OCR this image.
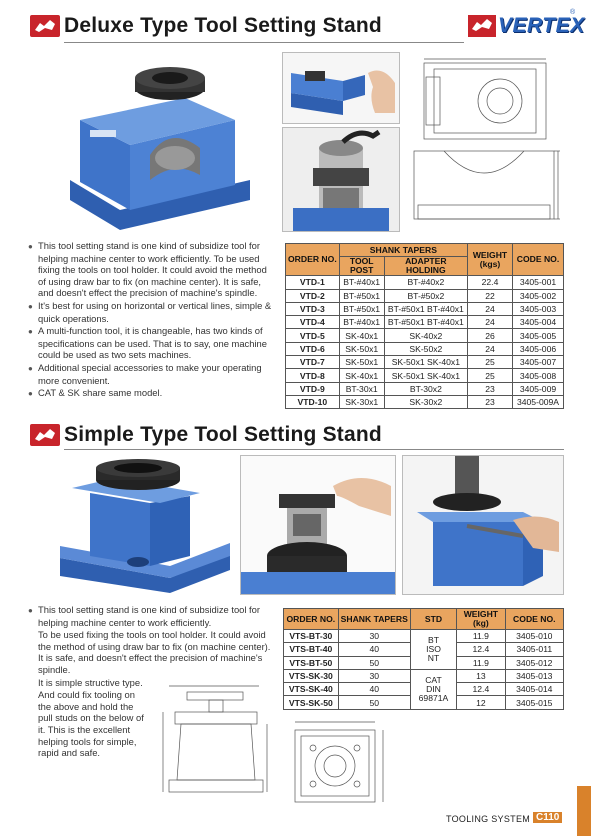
Deluxe Type Tool Setting Stand	VERTEX
®

● This tool setting stand is one kind of subsidize tool for helping machine center to work efficiently. To be used fixing the tools on tool holder. It could avoid the method of using draw bar to fix (on machine center). It is safe, and doesn't effect the precision of machine's spindle.

● It's best for using on horizontal or vertical lines, simple & quick operations.

● A multi-function tool, it is changeable, has two kinds of specifications can be used. That is to say, one machine could be used as two sets machines.

● Additional special accessories to make your operating more convenient.

● CAT & SK share same model.

ORDER NO.	SHANK TAPERS		WEIGHT (kgs)	CODE NO.
	TOOL POST	ADAPTER HOLDING		
VTD-1	BT-#40x1	BT-#40x2	22.4	3405-001
VTD-2	BT-#50x1	BT-#50x2	22	3405-002
VTD-3	BT-#50x1	BT-#50x1 BT-#40x1	24	3405-003
VTD-4	BT-#40x1	BT-#50x1 BT-#40x1	24	3405-004
VTD-5	SK-40x1	SK-40x2	26	3405-005
VTD-6	SK-50x1	SK-50x2	24	3405-006
VTD-7	SK-50x1	SK-50x1 SK-40x1	25	3405-007
VTD-8	SK-40x1	SK-50x1 SK-40x1	25	3405-008
VTD-9	BT-30x1	BT-30x2	23	3405-009
VTD-10	SK-30x1	SK-30x2	23	3405-009A
Simple Type Tool Setting Stand

● This tool setting stand is one kind of subsidize tool for helping machine center to work efficiently.

To be used fixing the tools on tool holder. It could avoid the method of using draw bar to fix (on machine center). It is safe, and doesn't effect the precision of machine's spindle.

It is simple structive type.

And could fix tooling on the above and hold the pull studs on the below of it. This is the excellent helping tools for simple, rapid and safe.

ORDER NO.	SHANK TAPERS	STD	WEIGHT (kg)	CODE NO.
VTS-BT-30	30	BT
ISO
NT	11.9	3405-010
VTS-BT-40	40		12.4	3405-011
VTS-BT-50	50		11.9	3405-012
VTS-SK-30	30	CAT
DIN
69871A	13	3405-013
VTS-SK-40	40		12.4	3405-014
VTS-SK-50	50		12	3405-015
TOOLING SYSTEM C110
